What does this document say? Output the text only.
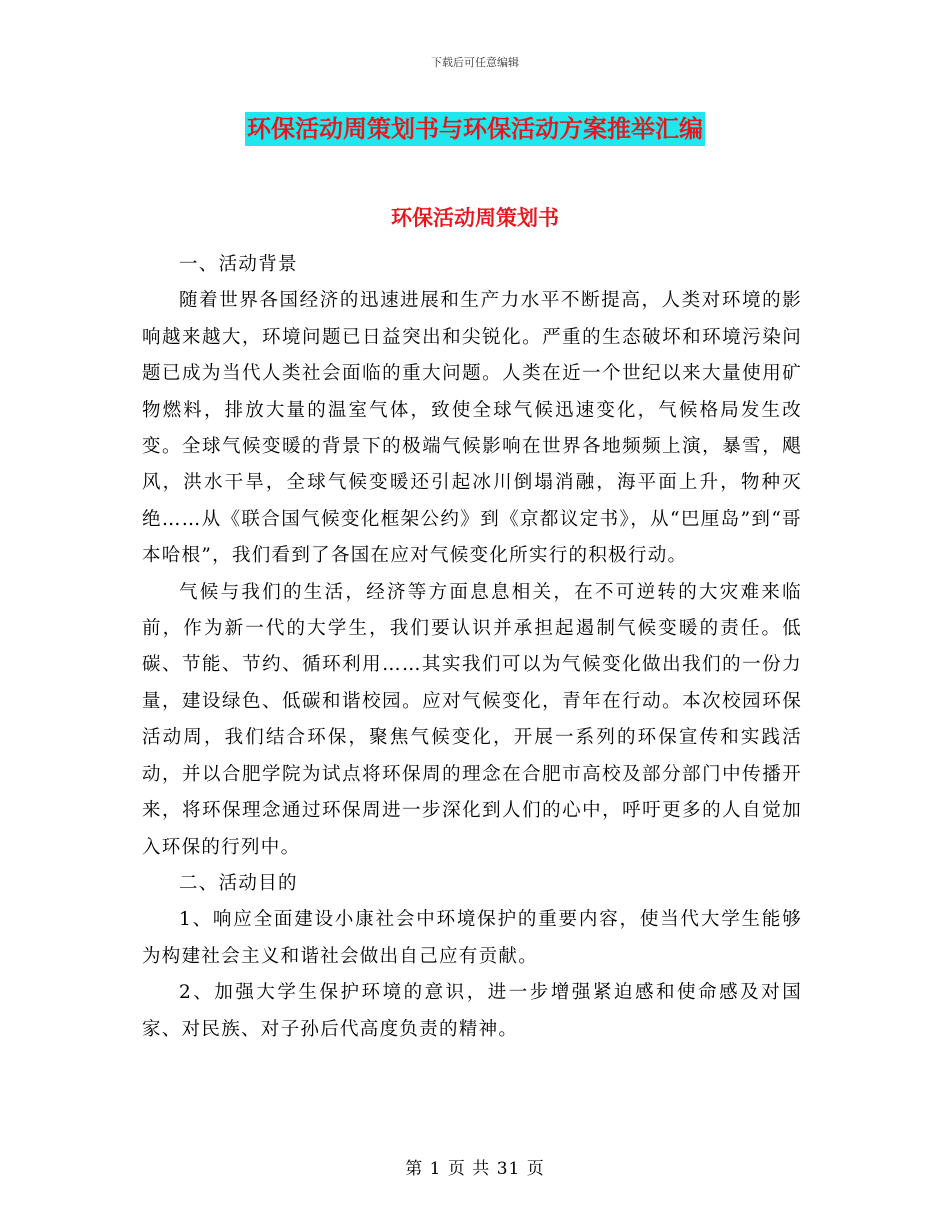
下载后可任意编辑
环保活动周策划书与环保活动方案推举汇编
环保活动周策划书

一、活动背景

随着世界各国经济的迅速进展和生产力水平不断提高，人类对环境的影响越来越大，环境问题已日益突出和尖锐化。严重的生态破坏和环境污染问题已成为当代人类社会面临的重大问题。人类在近一个世纪以来大量使用矿物燃料，排放大量的温室气体，致使全球气候迅速变化，气候格局发生改变。全球气候变暖的背景下的极端气候影响在世界各地频频上演，暴雪，飓风，洪水干旱，全球气候变暖还引起冰川倒塌消融，海平面上升，物种灭绝……从《联合国气候变化框架公约》到《京都议定书》，从“巴厘岛”到“哥本哈根”，我们看到了各国在应对气候变化所实行的积极行动。

气候与我们的生活，经济等方面息息相关，在不可逆转的大灾难来临前，作为新一代的大学生，我们要认识并承担起遏制气候变暖的责任。低碳、节能、节约、循环利用……其实我们可以为气候变化做出我们的一份力量，建设绿色、低碳和谐校园。应对气候变化，青年在行动。本次校园环保活动周，我们结合环保，聚焦气候变化，开展一系列的环保宣传和实践活动，并以合肥学院为试点将环保周的理念在合肥市高校及部分部门中传播开来，将环保理念通过环保周进一步深化到人们的心中，呼吁更多的人自觉加入环保的行列中。

二、活动目的

1、响应全面建设小康社会中环境保护的重要内容，使当代大学生能够为构建社会主义和谐社会做出自己应有贡献。

2、加强大学生保护环境的意识，进一步增强紧迫感和使命感及对国家、对民族、对子孙后代高度负责的精神。

第 1 页 共 31 页
